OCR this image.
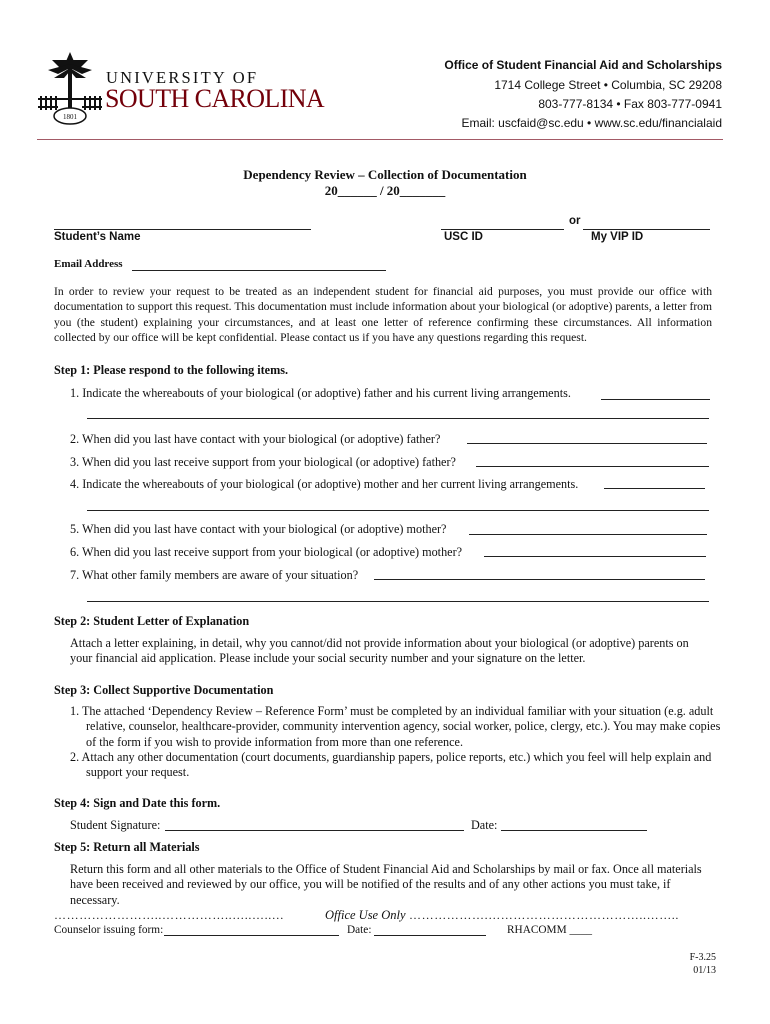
1801
UNIVERSITY OF
SOUTH CAROLINA
Office of Student Financial Aid and Scholarships
1714 College Street • Columbia, SC 29208
803-777-8134 • Fax 803-777-0941
Email: uscfaid@sc.edu • www.sc.edu/financialaid
Dependency Review – Collection of Documentation
20______ / 20_______
Student’s Name
or
USC ID	My VIP ID
Email Address
In order to review your request to be treated as an independent student for financial aid purposes, you must provide our office with documentation to support this request. This documentation must include information about your biological (or adoptive) parents, a letter from you (the student) explaining your circumstances, and at least one letter of reference confirming these circumstances. All information collected by our office will be kept confidential. Please contact us if you have any questions regarding this request.
Step 1: Please respond to the following items.
1. Indicate the whereabouts of your biological (or adoptive) father and his current living arrangements.
2. When did you last have contact with your biological (or adoptive) father?
3. When did you last receive support from your biological (or adoptive) father?
4. Indicate the whereabouts of your biological (or adoptive) mother and her current living arrangements.
5. When did you last have contact with your biological (or adoptive) mother?
6. When did you last receive support from your biological (or adoptive) mother?
7. What other family members are aware of your situation?
Step 2: Student Letter of Explanation
Attach a letter explaining, in detail, why you cannot/did not provide information about your biological (or adoptive) parents on your financial aid application. Please include your social security number and your signature on the letter.
Step 3: Collect Supportive Documentation
1. The attached ‘Dependency Review – Reference Form’ must be completed by an individual familiar with your situation (e.g. adult relative, counselor, healthcare-provider, community intervention agency, social worker, police, clergy, etc.). You may make copies of the form if you wish to provide information from more than one reference.
2. Attach any other documentation (court documents, guardianship papers, police reports, etc.) which you feel will help explain and support your request.
Step 4: Sign and Date this form.
Student Signature:	Date:
Step 5: Return all Materials
Return this form and all other materials to the Office of Student Financial Aid and Scholarships by mail or fax. Once all materials have been received and reviewed by our office, you will be notified of the results and of any other actions you must take, if necessary.
……………………..……………..…..…..…	Office Use Only ……………….………………………………..……..
Counselor issuing form:	Date:	RHACOMM ____
F-3.25
01/13
